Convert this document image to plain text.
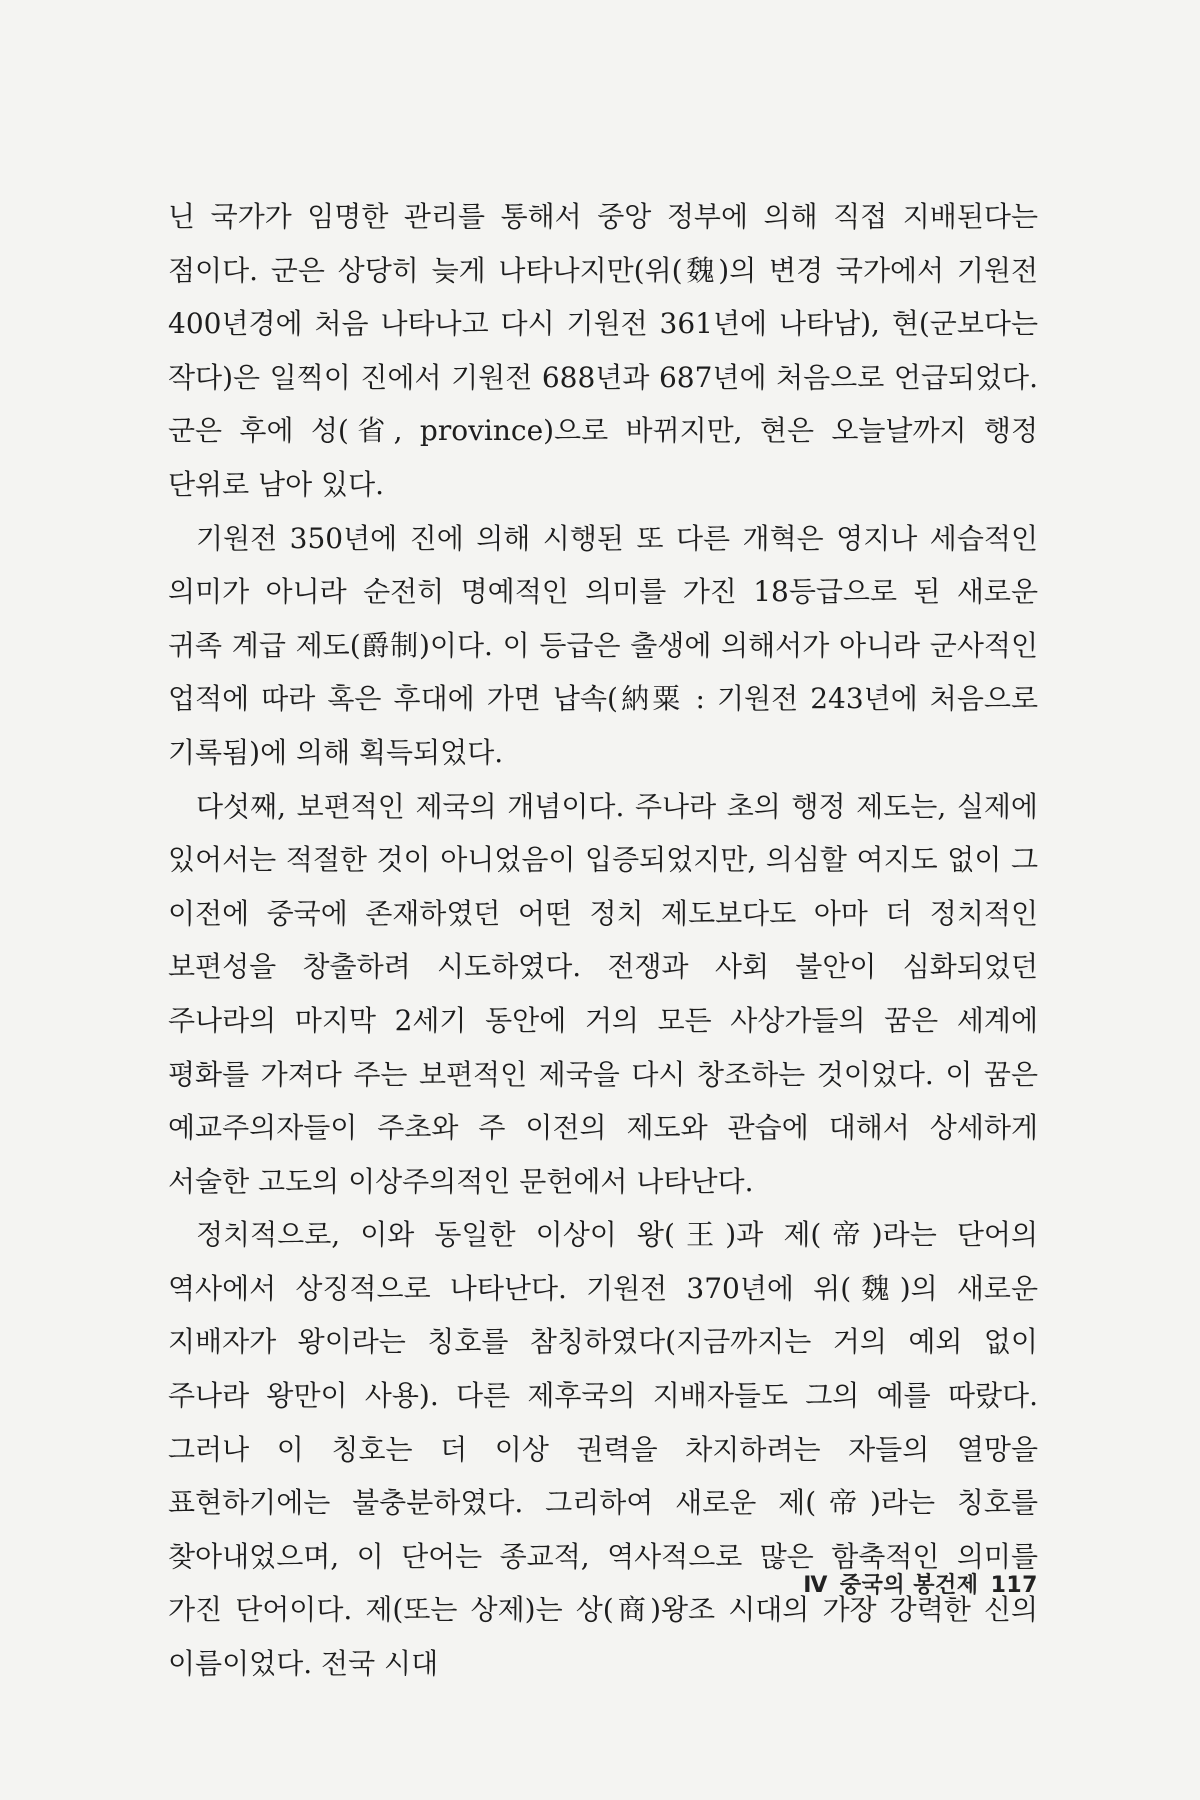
닌 국가가 임명한 관리를 통해서 중앙 정부에 의해 직접 지배된다는 점이다. 군은 상당히 늦게 나타나지만(위(魏)의 변경 국가에서 기원전 400년경에 처음 나타나고 다시 기원전 361년에 나타남), 현(군보다는 작다)은 일찍이 진에서 기원전 688년과 687년에 처음으로 언급되었다. 군은 후에 성(省, province)으로 바뀌지만, 현은 오늘날까지 행정 단위로 남아 있다.

기원전 350년에 진에 의해 시행된 또 다른 개혁은 영지나 세습적인 의미가 아니라 순전히 명예적인 의미를 가진 18등급으로 된 새로운 귀족 계급 제도(爵制)이다. 이 등급은 출생에 의해서가 아니라 군사적인 업적에 따라 혹은 후대에 가면 납속(納粟 : 기원전 243년에 처음으로 기록됨)에 의해 획득되었다.

다섯째, 보편적인 제국의 개념이다. 주나라 초의 행정 제도는, 실제에 있어서는 적절한 것이 아니었음이 입증되었지만, 의심할 여지도 없이 그 이전에 중국에 존재하였던 어떤 정치 제도보다도 아마 더 정치적인 보편성을 창출하려 시도하였다. 전쟁과 사회 불안이 심화되었던 주나라의 마지막 2세기 동안에 거의 모든 사상가들의 꿈은 세계에 평화를 가져다 주는 보편적인 제국을 다시 창조하는 것이었다. 이 꿈은 예교주의자들이 주초와 주 이전의 제도와 관습에 대해서 상세하게 서술한 고도의 이상주의적인 문헌에서 나타난다.

정치적으로, 이와 동일한 이상이 왕(王)과 제(帝)라는 단어의 역사에서 상징적으로 나타난다. 기원전 370년에 위(魏)의 새로운 지배자가 왕이라는 칭호를 참칭하였다(지금까지는 거의 예외 없이 주나라 왕만이 사용). 다른 제후국의 지배자들도 그의 예를 따랐다. 그러나 이 칭호는 더 이상 권력을 차지하려는 자들의 열망을 표현하기에는 불충분하였다. 그리하여 새로운 제(帝)라는 칭호를 찾아내었으며, 이 단어는 종교적, 역사적으로 많은 함축적인 의미를 가진 단어이다. 제(또는 상제)는 상(商)왕조 시대의 가장 강력한 신의 이름이었다. 전국 시대

Ⅳ 중국의 봉건제 117
